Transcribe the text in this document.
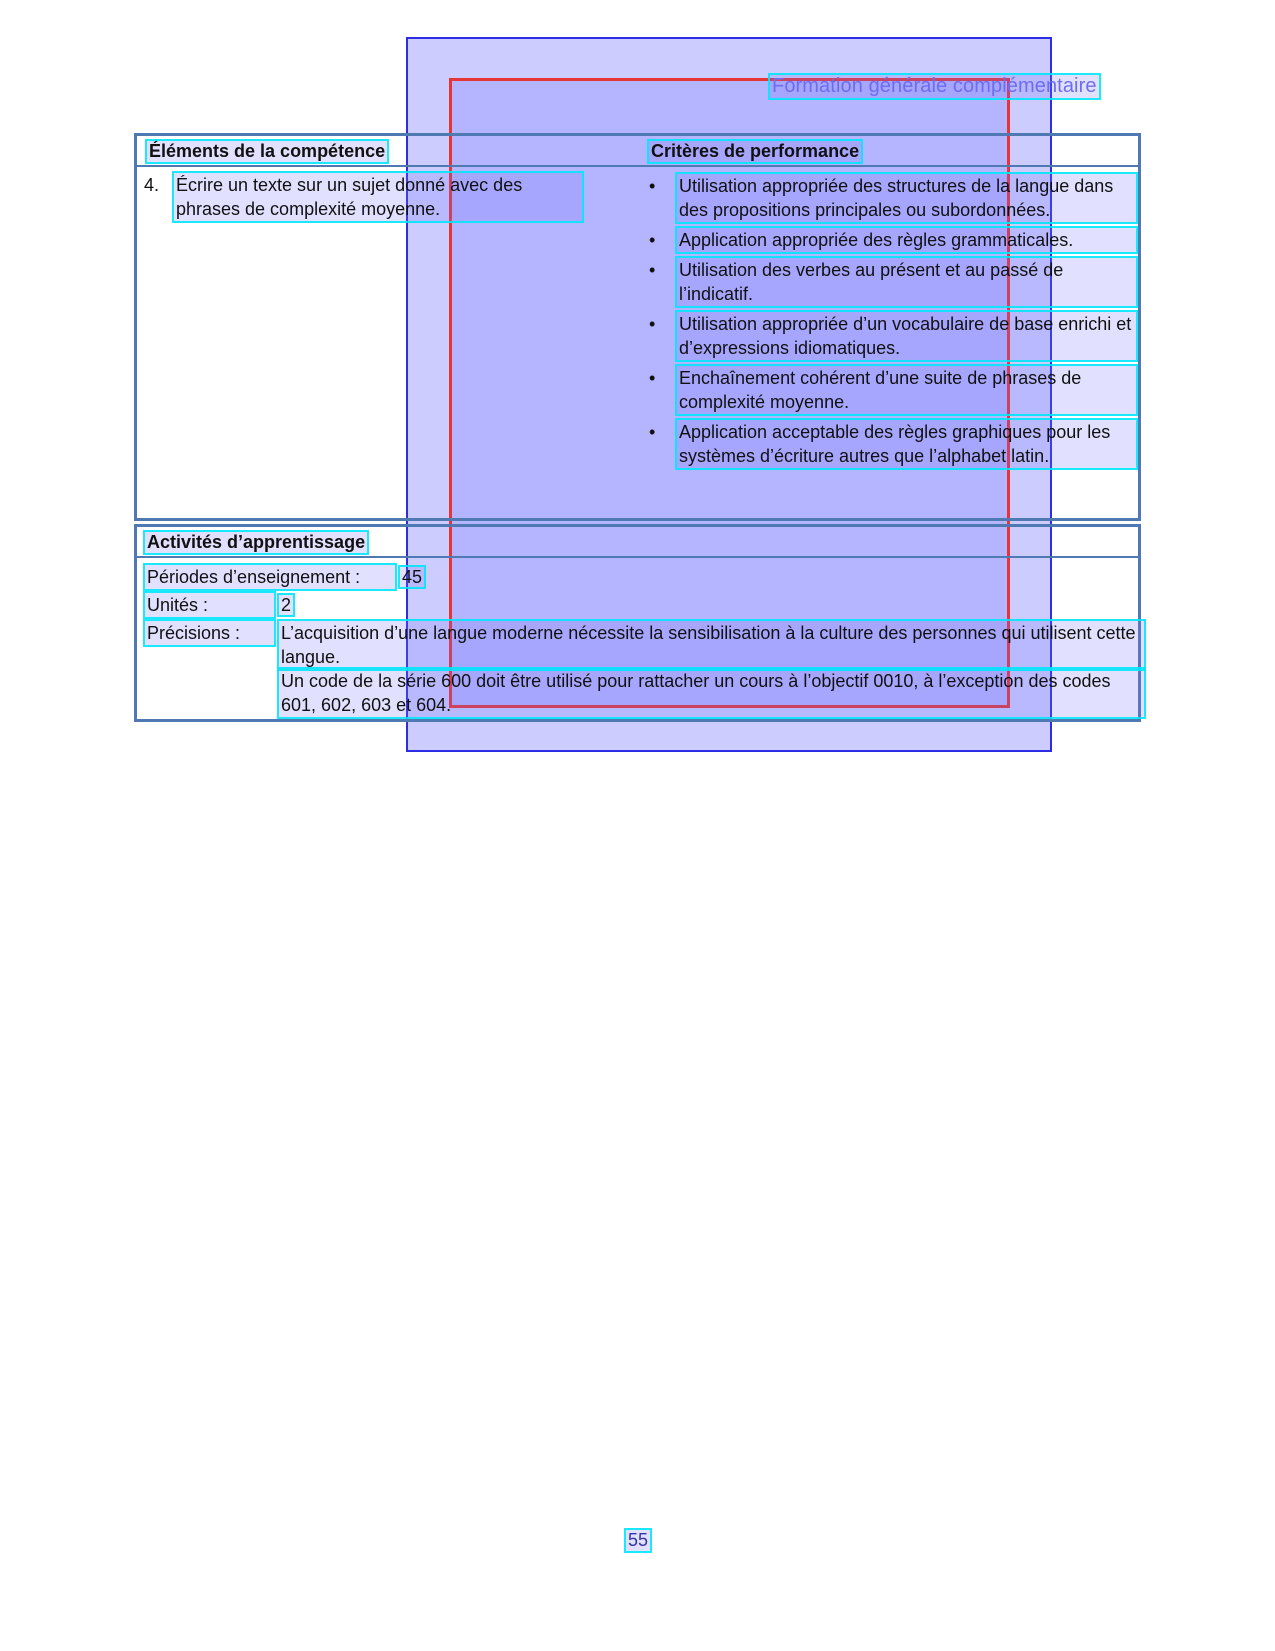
Formation générale complémentaire
Éléments de la compétence	Critères de performance
4. Écrire un texte sur un sujet donné avec des phrases de complexité moyenne.
• Utilisation appropriée des structures de la langue dans des propositions principales ou subordonnées.
• Application appropriée des règles grammaticales.
• Utilisation des verbes au présent et au passé de l’indicatif.
• Utilisation appropriée d’un vocabulaire de base enrichi et d’expressions idiomatiques.
• Enchaînement cohérent d’une suite de phrases de complexité moyenne.
• Application acceptable des règles graphiques pour les systèmes d’écriture autres que l’alphabet latin.
Activités d’apprentissage
Périodes d’enseignement : 45
Unités :	2
Précisions : L’acquisition d’une langue moderne nécessite la sensibilisation à la culture des personnes qui utilisent cette langue.
Un code de la série 600 doit être utilisé pour rattacher un cours à l’objectif 0010, à l’exception des codes 601, 602, 603 et 604.
55
